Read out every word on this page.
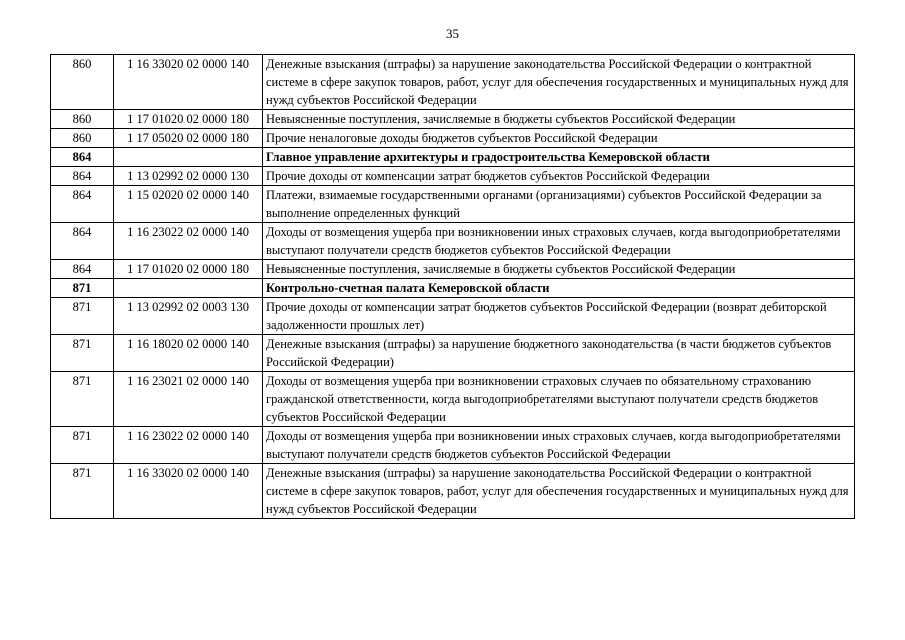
35
860	1 16 33020 02 0000 140	Денежные взыскания (штрафы) за нарушение законодательства Российской Федерации о контрактной системе в сфере закупок товаров, работ, услуг для обеспечения государственных и муниципальных нужд для нужд субъектов Российской Федерации
860	1 17 01020 02 0000 180	Невыясненные поступления, зачисляемые в бюджеты субъектов Российской Федерации
860	1 17 05020 02 0000 180	Прочие неналоговые доходы бюджетов субъектов Российской Федерации
864		Главное управление архитектуры и градостроительства Кемеровской области
864	1 13 02992 02 0000 130	Прочие доходы от компенсации затрат бюджетов субъектов Российской Федерации
864	1 15 02020 02 0000 140	Платежи, взимаемые государственными органами (организациями) субъектов Российской Федерации за выполнение определенных функций
864	1 16 23022 02 0000 140	Доходы от возмещения ущерба при возникновении иных страховых случаев, когда выгодоприобретателями выступают получатели средств бюджетов субъектов Российской Федерации
864	1 17 01020 02 0000 180	Невыясненные поступления, зачисляемые в бюджеты субъектов Российской Федерации
871		Контрольно-счетная палата Кемеровской области
871	1 13 02992 02 0003 130	Прочие доходы от компенсации затрат бюджетов субъектов Российской Федерации (возврат дебиторской задолженности прошлых лет)
871	1 16 18020 02 0000 140	Денежные взыскания (штрафы) за нарушение бюджетного законодательства (в части бюджетов субъектов Российской Федерации)
871	1 16 23021 02 0000 140	Доходы от возмещения ущерба при возникновении страховых случаев по обязательному страхованию гражданской ответственности, когда выгодоприобретателями выступают получатели средств бюджетов субъектов Российской Федерации
871	1 16 23022 02 0000 140	Доходы от возмещения ущерба при возникновении иных страховых случаев, когда выгодоприобретателями выступают получатели средств бюджетов субъектов Российской Федерации
871	1 16 33020 02 0000 140	Денежные взыскания (штрафы) за нарушение законодательства Российской Федерации о контрактной системе в сфере закупок товаров, работ, услуг для обеспечения государственных и муниципальных нужд для нужд субъектов Российской Федерации
